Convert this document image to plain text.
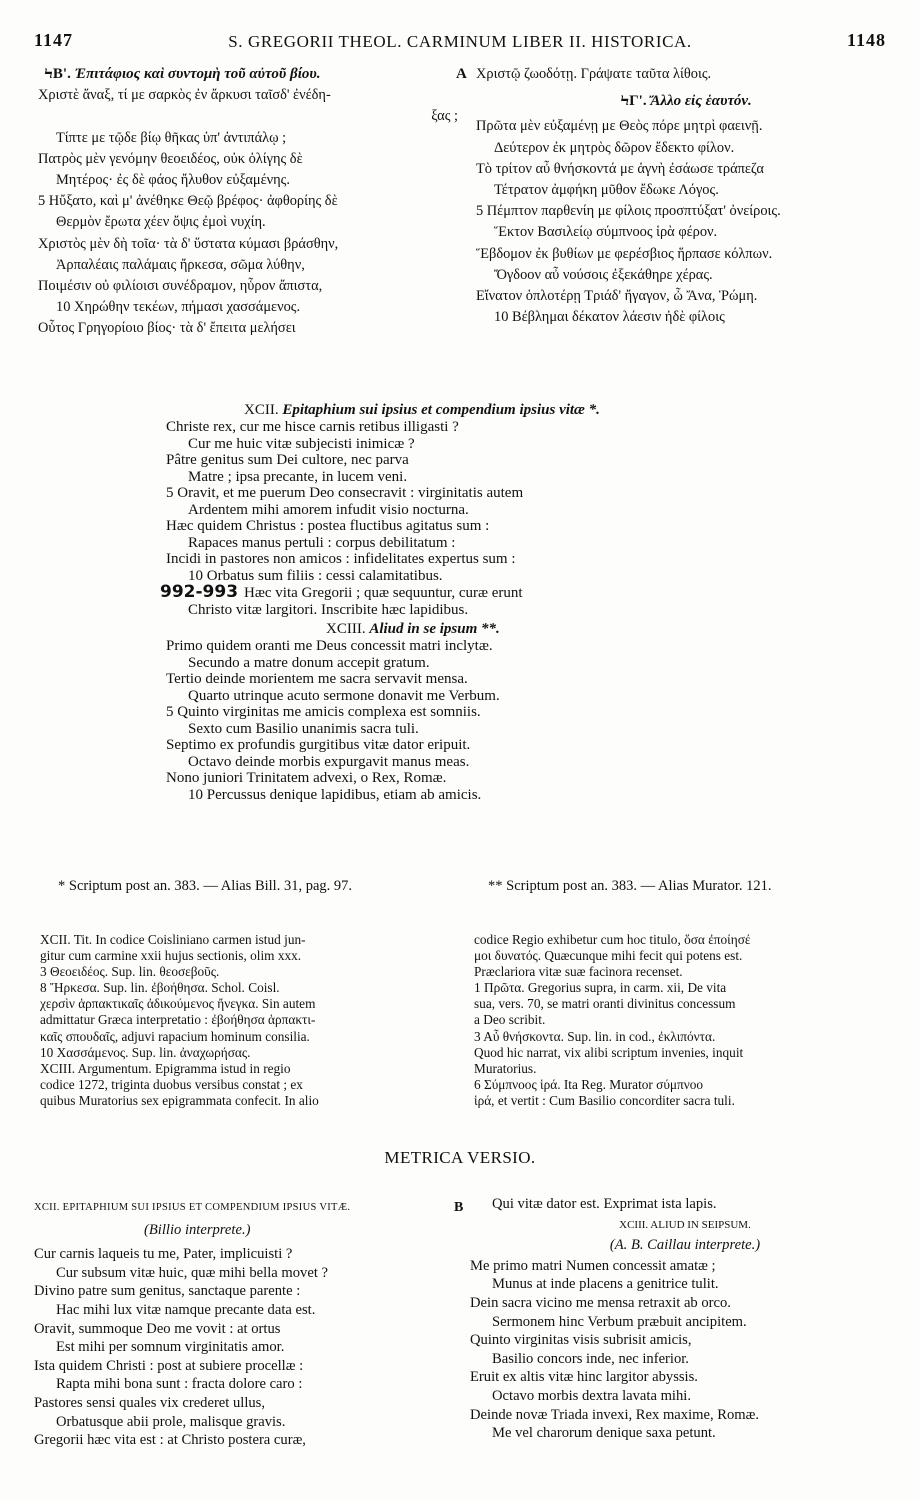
1147	S. GREGORII THEOL. CARMINUM LIBER II. HISTORICA.	1148
ϞΒ'. Ἐπιτάφιος καὶ συντομὴ τοῦ αὐτοῦ βίου.	A
Χριστὲ ἄναξ, τί με σαρκὸς ἐν ἄρκυσι ταῖσδ' ἐνέδη-
ξας ;
Τίπτε με τῷδε βίῳ θῆκας ὑπ' ἀντιπάλῳ ;
Πατρὸς μὲν γενόμην θεοειδέος, οὐκ ὀλίγης δὲ
Μητέρος· ἐς δὲ φάος ἤλυθον εὐξαμένης.
5 Ηὔξατο, καὶ μ' ἀνέθηκε Θεῷ βρέφος· ἀφθορίης δὲ
Θερμὸν ἔρωτα χέεν ὄψις ἐμοὶ νυχίη.
Χριστὸς μὲν δὴ τοῖα· τὰ δ' ὕστατα κύμασι βράσθην,
Ἀρπαλέαις παλάμαις ἤρκεσα, σῶμα λύθην,
Ποιμέσιν οὐ φιλίοισι συνέδραμον, ηὗρον ἄπιστα,
10 Χηρώθην τεκέων, πήμασι χασσάμενος.
Οὗτος Γρηγορίοιο βίος· τὰ δ' ἔπειτα μελήσει
Χριστῷ ζωοδότῃ. Γράψατε ταῦτα λίθοις.
ϞΓ'. Ἄλλο εἰς ἑαυτόν.
Πρῶτα μὲν εὐξαμένῃ με Θεὸς πόρε μητρὶ φαεινῇ.
Δεύτερον ἐκ μητρὸς δῶρον ἔδεκτο φίλον.
Τὸ τρίτον αὖ θνήσκοντά με ἁγνὴ ἐσάωσε τράπεζα
Τέτρατον ἀμφήκη μῦθον ἔδωκε Λόγος.
5 Πέμπτον παρθενίη με φίλοις προσπτύξατ' ὀνείροις.
Ἕκτον Βασιλείῳ σύμπνοος ἱρὰ φέρον.
Ἕβδομον ἐκ βυθίων με φερέσβιος ἥρπασε κόλπων.
Ὄγδοον αὖ νούσοις ἐξεκάθηρε χέρας.
Εἴνατον ὁπλοτέρῃ Τριάδ' ἤγαγον, ὦ Ἄνα, Ῥώμη.
10 Βέβλημαι δέκατον λάεσιν ἠδὲ φίλοις
XCII. Epitaphium sui ipsius et compendium ipsius vitæ *.
Christe rex, cur me hisce carnis retibus illigasti ?
Cur me huic vitæ subjecisti inimicæ ?
Pâtre genitus sum Dei cultore, nec parva
Matre ; ipsa precante, in lucem veni.
5 Oravit, et me puerum Deo consecravit : virginitatis autem
Ardentem mihi amorem infudit visio nocturna.
Hæc quidem Christus : postea fluctibus agitatus sum :
Rapaces manus pertuli : corpus debilitatum :
Incidi in pastores non amicos : infidelitates expertus sum :
10 Orbatus sum filiis : cessi calamitatibus.
992-993 Hæc vita Gregorii ; quæ sequuntur, curæ erunt
Christo vitæ largitori. Inscribite hæc lapidibus.
XCIII. Aliud in se ipsum **.
Primo quidem oranti me Deus concessit matri inclytæ.
Secundo a matre donum accepit gratum.
Tertio deinde morientem me sacra servavit mensa.
Quarto utrinque acuto sermone donavit me Verbum.
5 Quinto virginitas me amicis complexa est somniis.
Sexto cum Basilio unanimis sacra tuli.
Septimo ex profundis gurgitibus vitæ dator eripuit.
Octavo deinde morbis expurgavit manus meas.
Nono juniori Trinitatem advexi, o Rex, Romæ.
10 Percussus denique lapidibus, etiam ab amicis.
* Scriptum post an. 383. — Alias Bill. 31, pag. 97.	** Scriptum post an. 383. — Alias Murator. 121.
XCII. Tit. In codice Coisliniano carmen istud jun-
gitur cum carmine xxii hujus sectionis, olim xxx.
3 Θεοειδέος. Sup. lin. θεοσεβοῦς.
8 Ἤρκεσα. Sup. lin. ἐβοήθησα. Schol. Coisl.
χερσὶν ἁρπακτικαῖς ἀδικούμενος ἤνεγκα. Sin autem
admittatur Græca interpretatio : ἐβοήθησα ἁρπακτι-
καῖς σπουδαῖς, adjuvi rapacium hominum consilia.
10 Χασσάμενος. Sup. lin. ἀναχωρήσας.
XCIII. Argumentum. Epigramma istud in regio
codice 1272, triginta duobus versibus constat ; ex
quibus Muratorius sex epigrammata confecit. In alio
codice Regio exhibetur cum hoc titulo, ὅσα ἐποίησέ
μοι δυνατός. Quæcunque mihi fecit qui potens est.
Præclariora vitæ suæ facinora recenset.
1 Πρῶτα. Gregorius supra, in carm. xii, De vita
sua, vers. 70, se matri oranti divinitus concessum
a Deo scribit.
3 Αὖ θνήσκοντα. Sup. lin. in cod., ἐκλιπόντα.
Quod hic narrat, vix alibi scriptum invenies, inquit
Muratorius.
6 Σύμπνοος ἱρά. Ita Reg. Murator σύμπνοο
ἱρά, et vertit : Cum Basilio concorditer sacra tuli.
METRICA VERSIO.
XCII. EPITAPHIUM SUI IPSIUS ET COMPENDIUM IPSIUS VITÆ.	B
(Billio interprete.)
Cur carnis laqueis tu me, Pater, implicuisti ?
Cur subsum vitæ huic, quæ mihi bella movet ?
Divino patre sum genitus, sanctaque parente :
Hac mihi lux vitæ namque precante data est.
Oravit, summoque Deo me vovit : at ortus
Est mihi per somnum virginitatis amor.
Ista quidem Christi : post at subiere procellæ :
Rapta mihi bona sunt : fracta dolore caro :
Pastores sensi quales vix crederet ullus,
Orbatusque abii prole, malisque gravis.
Gregorii hæc vita est : at Christo postera curæ,
Qui vitæ dator est. Exprimat ista lapis.
XCIII. ALIUD IN SEIPSUM.
(A. B. Caillau interprete.)
Me primo matri Numen concessit amatæ ;
Munus at inde placens a genitrice tulit.
Dein sacra vicino me mensa retraxit ab orco.
Sermonem hinc Verbum præbuit ancipitem.
Quinto virginitas visis subrisit amicis,
Basilio concors inde, nec inferior.
Eruit ex altis vitæ hinc largitor abyssis.
Octavo morbis dextra lavata mihi.
Deinde novæ Triada invexi, Rex maxime, Romæ.
Me vel charorum denique saxa petunt.
